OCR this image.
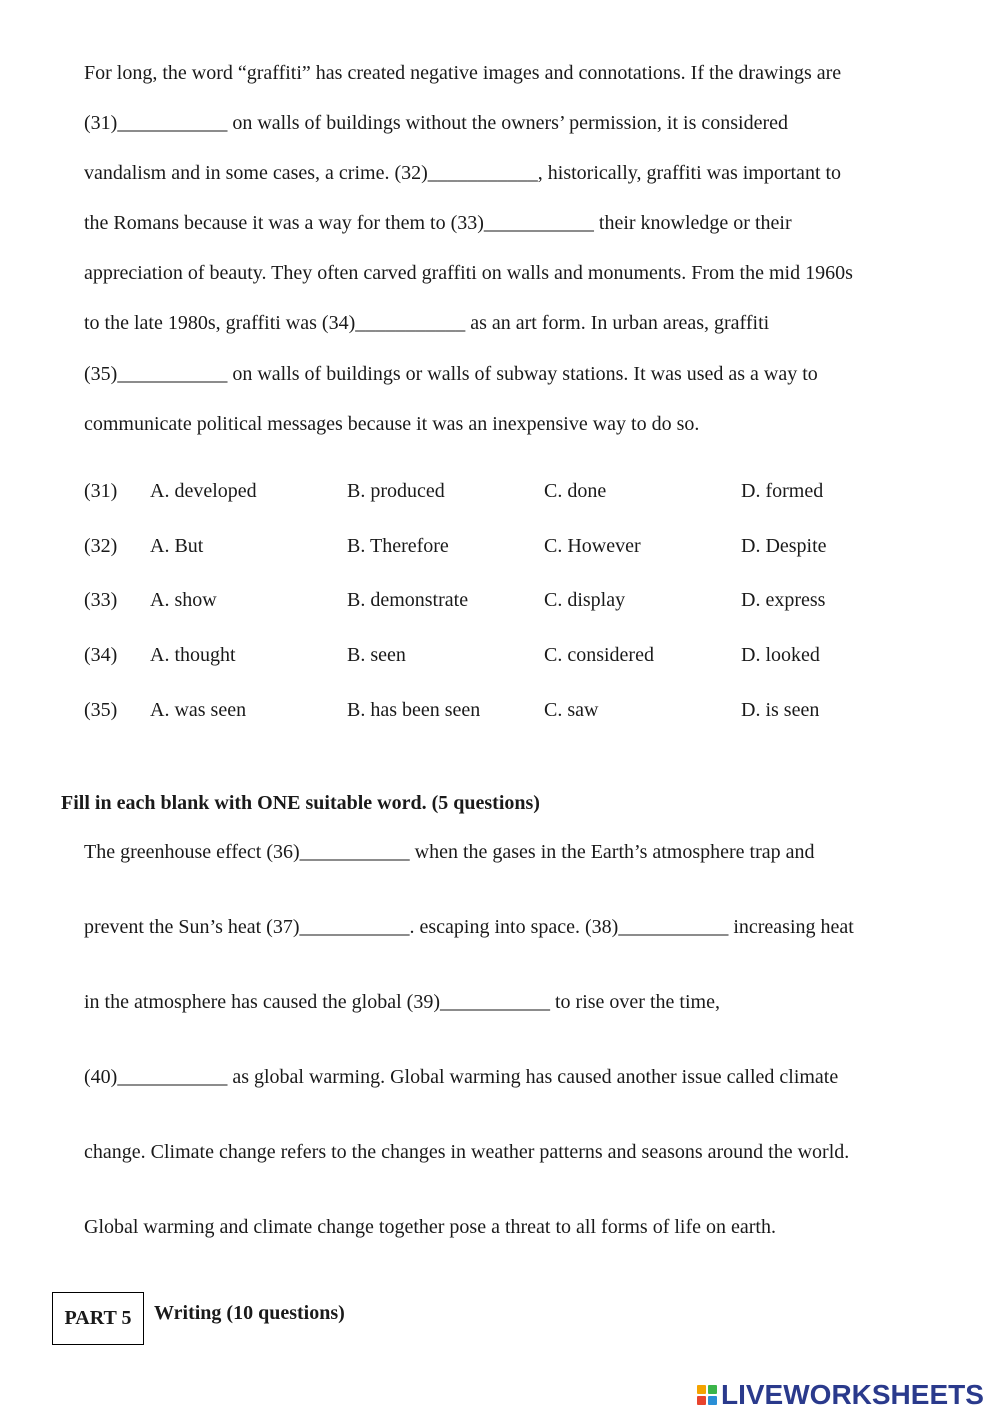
For long, the word “graffiti” has created negative images and connotations. If the drawings are
(31)___________ on walls of buildings without the owners’ permission, it is considered
vandalism and in some cases, a crime. (32)___________, historically, graffiti was important to
the Romans because it was a way for them to (33)___________ their knowledge or their
appreciation of beauty. They often carved graffiti on walls and monuments. From the mid 1960s
to the late 1980s, graffiti was (34)___________ as an art form. In urban areas, graffiti
(35)___________ on walls of buildings or walls of subway stations. It was used as a way to
communicate political messages because it was an inexpensive way to do so.
(31) A. developed	B. produced	C. done	D. formed
(32) A. But	B. Therefore	C. However	D. Despite
(33) A. show	B. demonstrate	C. display	D. express
(34) A. thought	B. seen	C. considered	D. looked
(35) A. was seen	B. has been seen	C. saw	D. is seen
Fill in each blank with ONE suitable word. (5 questions)
The greenhouse effect (36)___________ when the gases in the Earth’s atmosphere trap and
prevent the Sun’s heat (37)___________. escaping into space. (38)___________ increasing heat
in the atmosphere has caused the global (39)___________ to rise over the time,
(40)___________ as global warming. Global warming has caused another issue called climate
change. Climate change refers to the changes in weather patterns and seasons around the world.
Global warming and climate change together pose a threat to all forms of life on earth.
PART 5	Writing (10 questions)
LIVEWORKSHEETS
